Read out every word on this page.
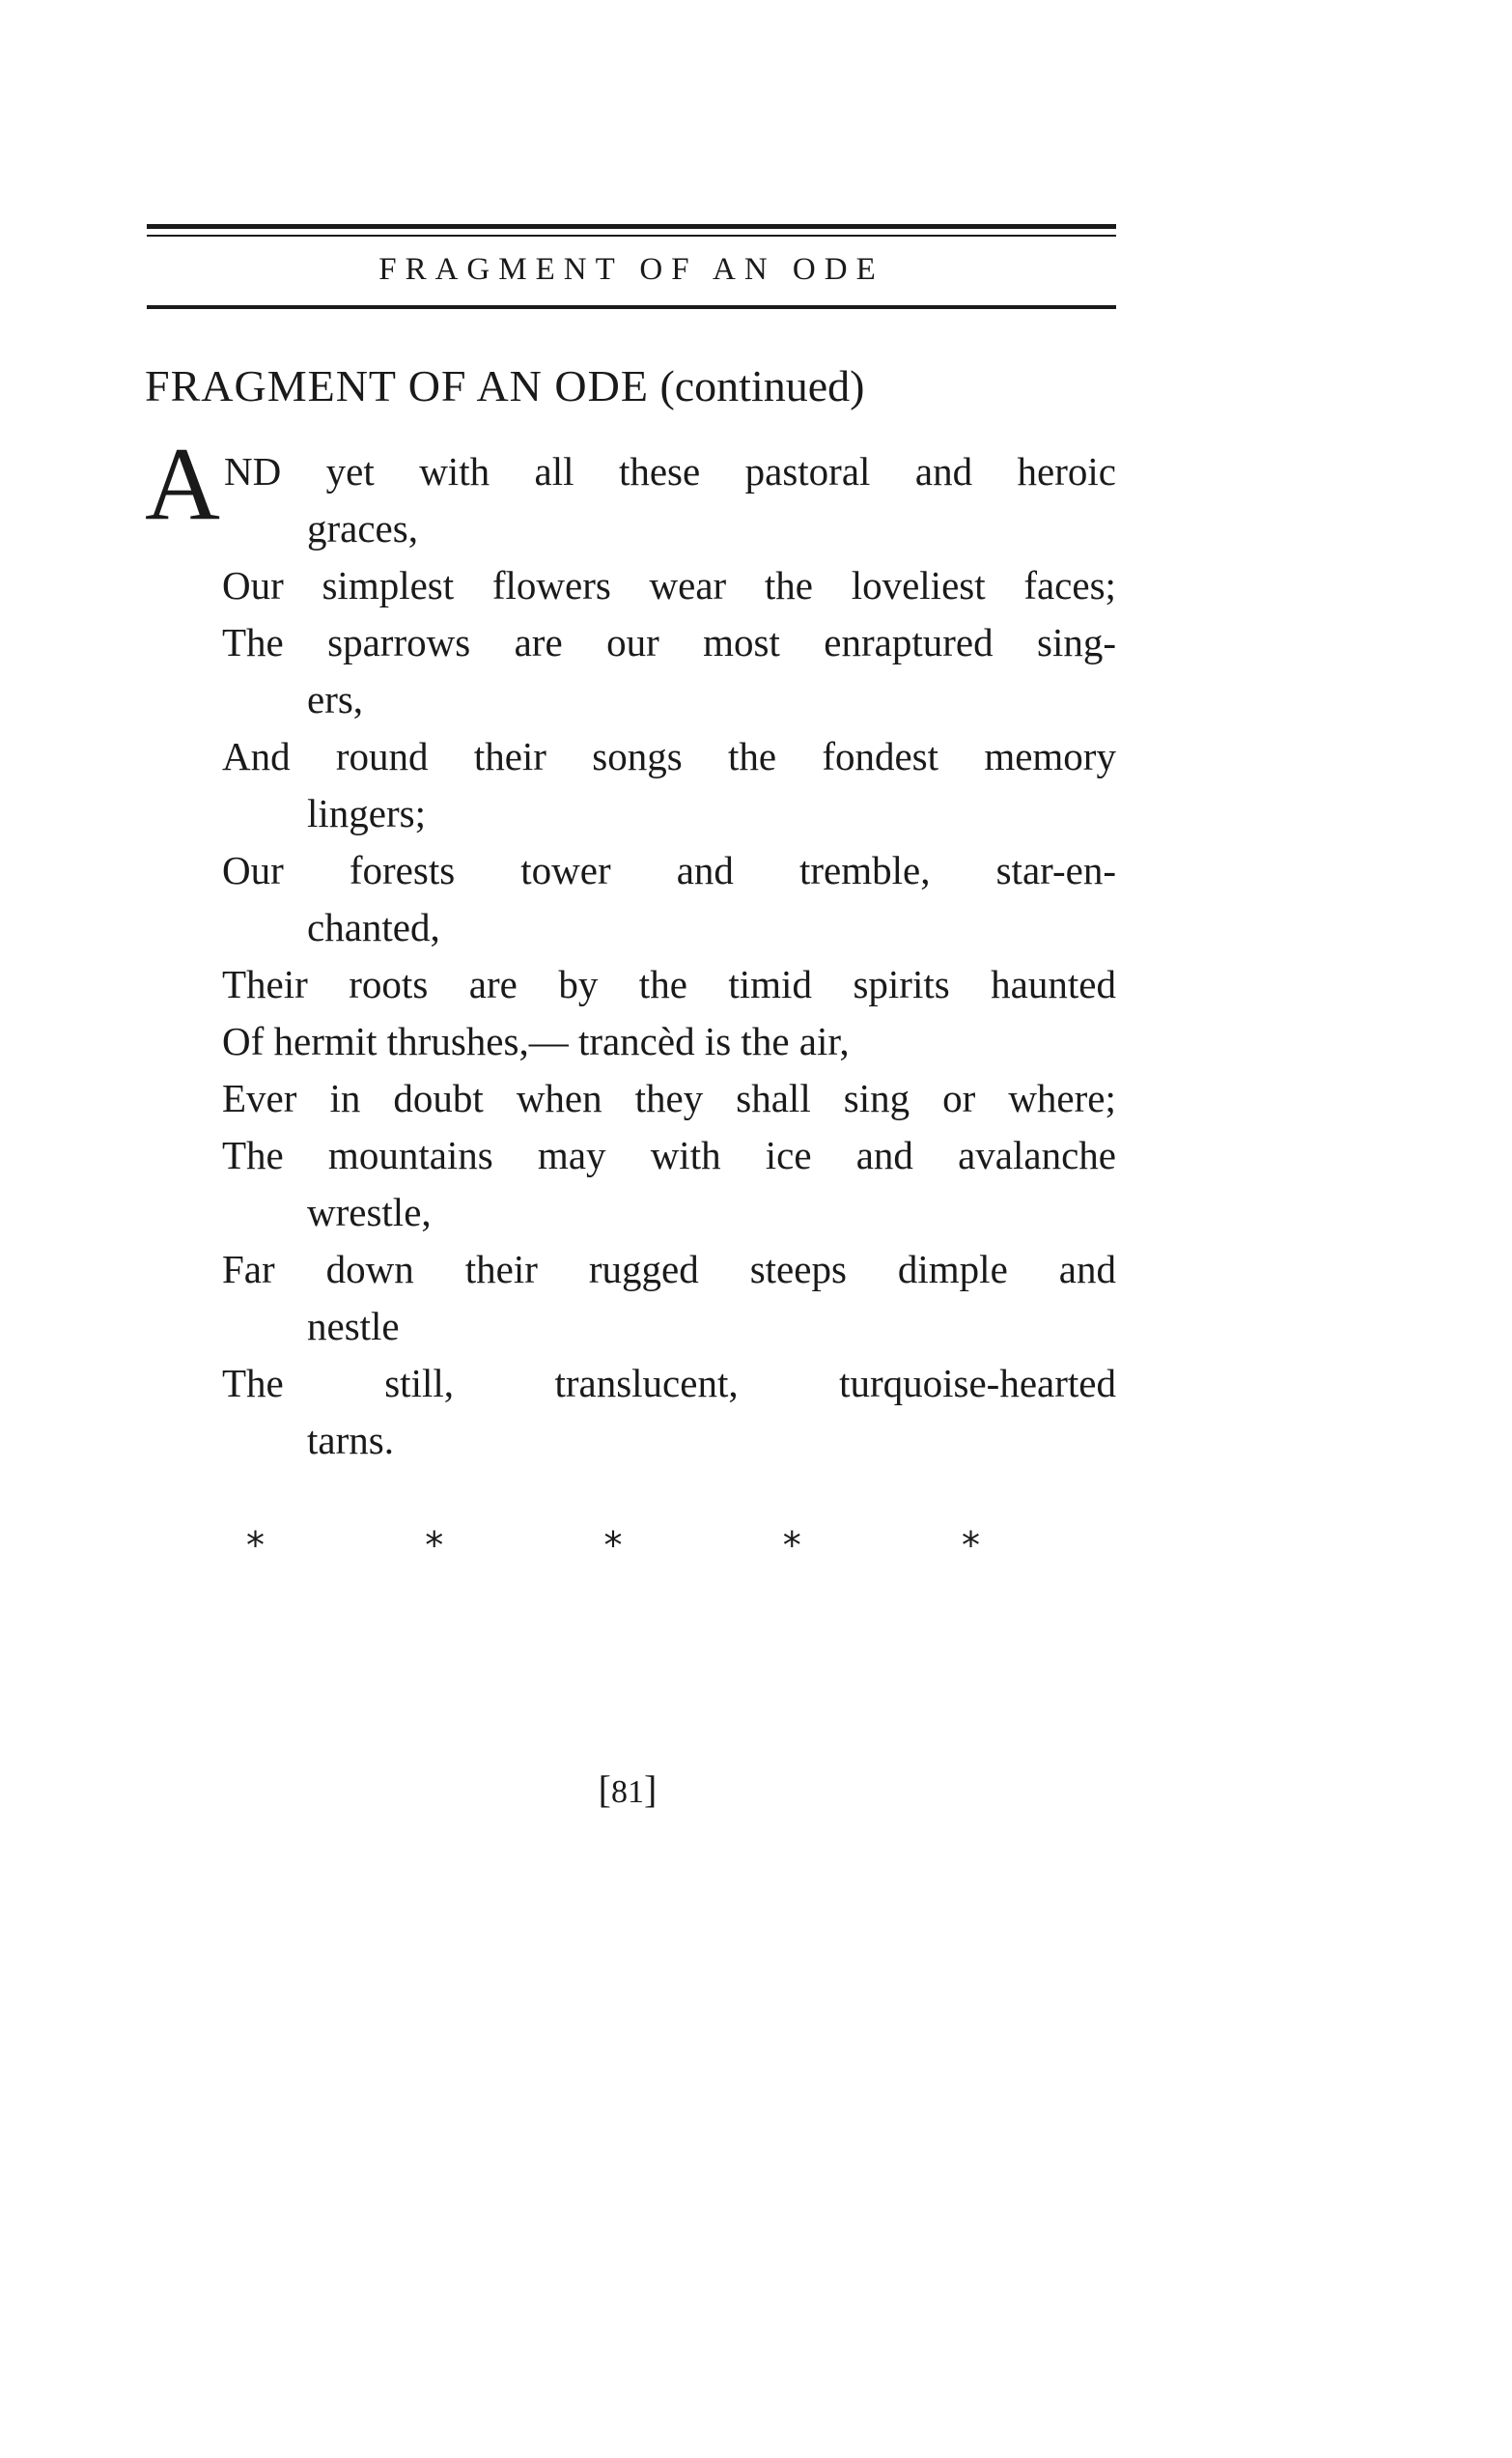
FRAGMENT OF AN ODE
FRAGMENT OF AN ODE (continued)
A ND yet with all these pastoral and heroic
graces,
Our simplest flowers wear the loveliest faces;
The sparrows are our most enraptured sing-
ers,
And round their songs the fondest memory
lingers;
Our forests tower and tremble, star-en-
chanted,
Their roots are by the timid spirits haunted
Of hermit thrushes,— trancèd is the air,
Ever in doubt when they shall sing or where;
The mountains may with ice and avalanche
wrestle,
Far down their rugged steeps dimple and
nestle
The	still,	translucent,	turquoise-hearted
tarns.
*	*	*	*	*
[81]
